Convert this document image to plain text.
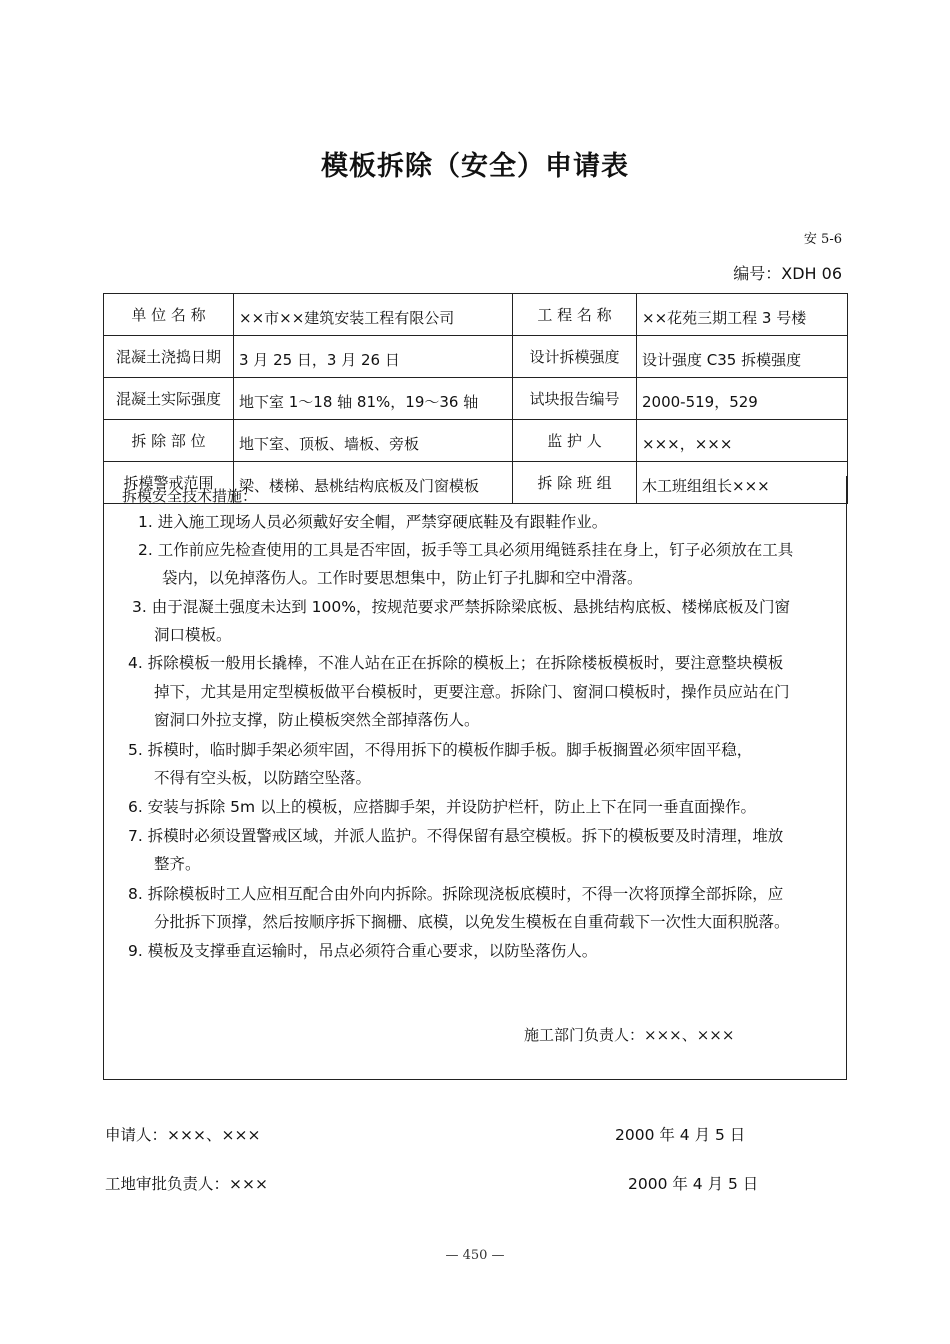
模板拆除（安全）申请表
安 5-6
编号：XDH 06
单 位 名 称	××市××建筑安装工程有限公司	工 程 名 称	××花苑三期工程 3 号楼
混凝土浇捣日期	3 月 25 日，3 月 26 日	设计拆模强度	设计强度 C35 拆模强度
混凝土实际强度	地下室 1～18 轴 81%，19～36 轴	试块报告编号	2000-519，529
拆 除 部 位	地下室、顶板、墙板、旁板	监 护 人	×××，×××
拆模警戒范围	梁、楼梯、悬桃结构底板及门窗模板	拆 除 班 组	木工班组组长×××
拆模安全技术措施：
1. 进入施工现场人员必须戴好安全帽，严禁穿硬底鞋及有跟鞋作业。
2. 工作前应先检查使用的工具是否牢固，扳手等工具必须用绳链系挂在身上，钉子必须放在工具
袋内，以免掉落伤人。工作时要思想集中，防止钉子扎脚和空中滑落。
3. 由于混凝土强度未达到 100%，按规范要求严禁拆除梁底板、悬挑结构底板、楼梯底板及门窗
洞口模板。
4. 拆除模板一般用长撬棒，不准人站在正在拆除的模板上；在拆除楼板模板时，要注意整块模板
掉下，尤其是用定型模板做平台模板时，更要注意。拆除门、窗洞口模板时，操作员应站在门
窗洞口外拉支撑，防止模板突然全部掉落伤人。
5. 拆模时，临时脚手架必须牢固，不得用拆下的模板作脚手板。脚手板搁置必须牢固平稳，
不得有空头板，以防踏空坠落。
6. 安装与拆除 5m 以上的模板，应搭脚手架，并设防护栏杆，防止上下在同一垂直面操作。
7. 拆模时必须设置警戒区域，并派人监护。不得保留有悬空模板。拆下的模板要及时清理，堆放
整齐。
8. 拆除模板时工人应相互配合由外向内拆除。拆除现浇板底模时，不得一次将顶撑全部拆除，应
分批拆下顶撑，然后按顺序拆下搁栅、底模，以免发生模板在自重荷载下一次性大面积脱落。
9. 模板及支撑垂直运输时，吊点必须符合重心要求，以防坠落伤人。
施工部门负责人：×××、×××
申请人：×××、×××	2000 年 4 月 5 日
工地审批负责人：×××	2000 年 4 月 5 日
— 450 —
